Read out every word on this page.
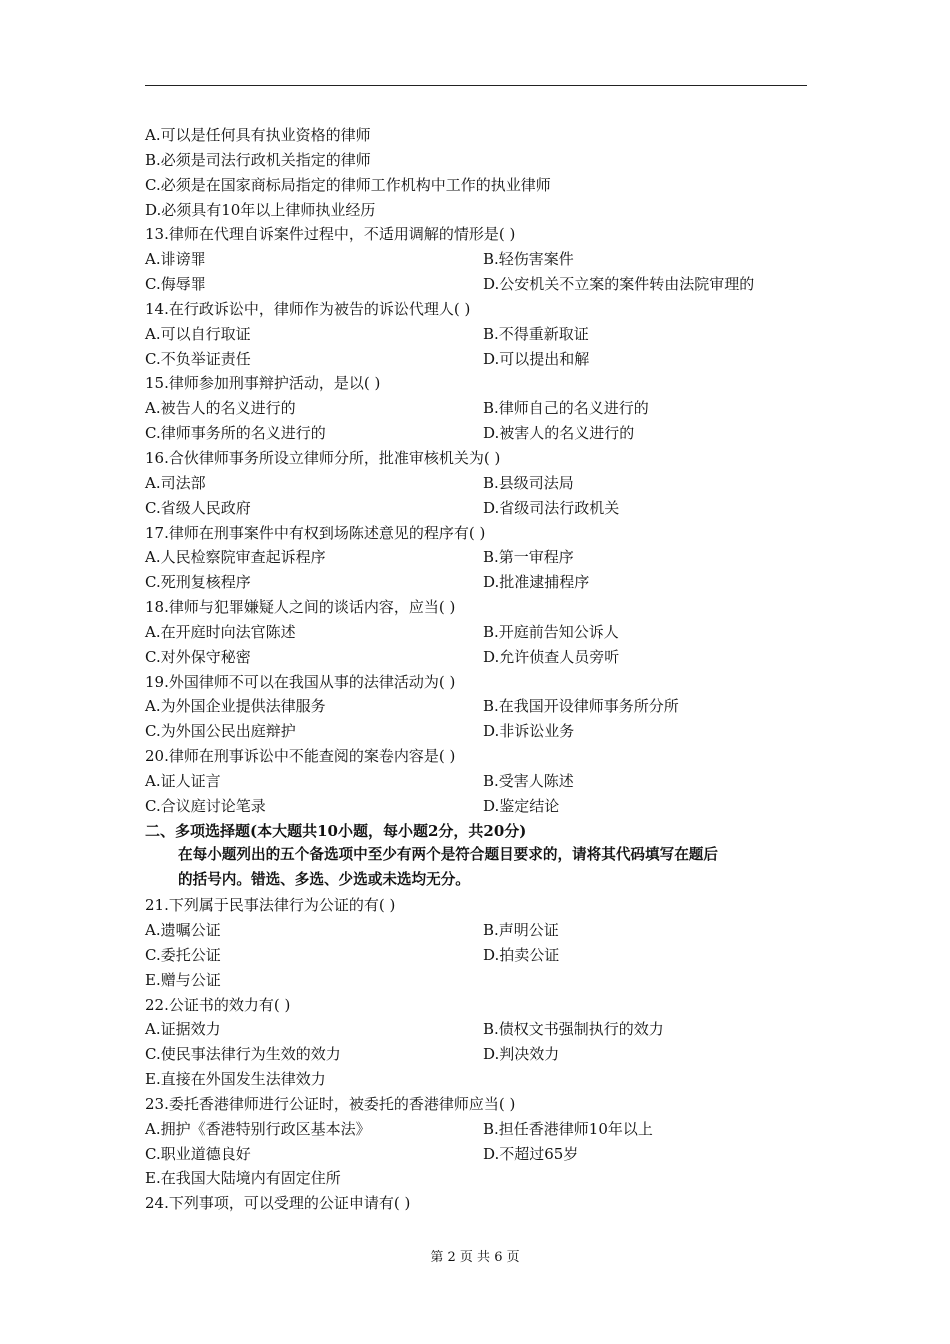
A.可以是任何具有执业资格的律师
B.必须是司法行政机关指定的律师
C.必须是在国家商标局指定的律师工作机构中工作的执业律师
D.必须具有10年以上律师执业经历
13.律师在代理自诉案件过程中，不适用调解的情形是( )
A.诽谤罪	B.轻伤害案件
C.侮辱罪	D.公安机关不立案的案件转由法院审理的
14.在行政诉讼中，律师作为被告的诉讼代理人( )
A.可以自行取证	B.不得重新取证
C.不负举证责任	D.可以提出和解
15.律师参加刑事辩护活动，是以( )
A.被告人的名义进行的	B.律师自己的名义进行的
C.律师事务所的名义进行的	D.被害人的名义进行的
16.合伙律师事务所设立律师分所，批准审核机关为( )
A.司法部	B.县级司法局
C.省级人民政府	D.省级司法行政机关
17.律师在刑事案件中有权到场陈述意见的程序有( )
A.人民检察院审查起诉程序	B.第一审程序
C.死刑复核程序	D.批准逮捕程序
18.律师与犯罪嫌疑人之间的谈话内容，应当( )
A.在开庭时向法官陈述	B.开庭前告知公诉人
C.对外保守秘密	D.允许侦查人员旁听
19.外国律师不可以在我国从事的法律活动为( )
A.为外国企业提供法律服务	B.在我国开设律师事务所分所
C.为外国公民出庭辩护	D.非诉讼业务
20.律师在刑事诉讼中不能查阅的案卷内容是( )
A.证人证言	B.受害人陈述
C.合议庭讨论笔录	D.鉴定结论
二、多项选择题(本大题共10小题，每小题2分，共20分)
在每小题列出的五个备选项中至少有两个是符合题目要求的，请将其代码填写在题后
的括号内。错选、多选、少选或未选均无分。
21.下列属于民事法律行为公证的有( )
A.遗嘱公证	B.声明公证
C.委托公证	D.拍卖公证
E.赠与公证
22.公证书的效力有( )
A.证据效力	B.债权文书强制执行的效力
C.使民事法律行为生效的效力	D.判决效力
E.直接在外国发生法律效力
23.委托香港律师进行公证时，被委托的香港律师应当( )
A.拥护《香港特别行政区基本法》	B.担任香港律师10年以上
C.职业道德良好	D.不超过65岁
E.在我国大陆境内有固定住所
24.下列事项，可以受理的公证申请有( )
第 2 页 共 6 页
